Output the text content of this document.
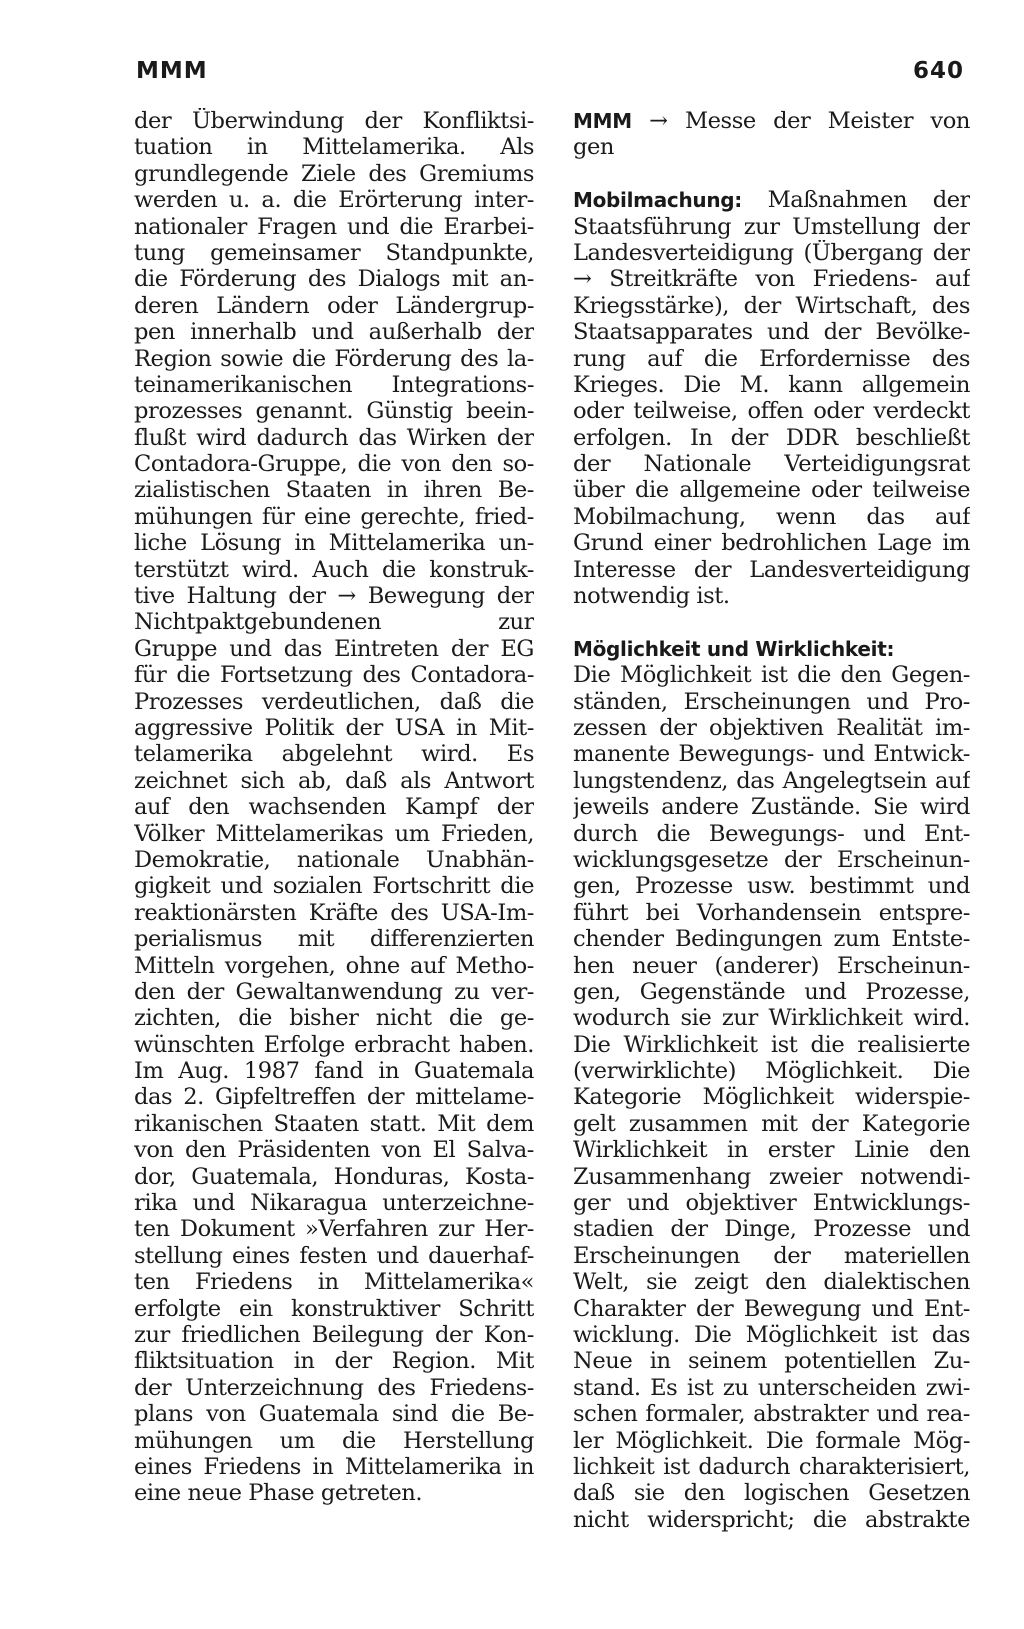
MMM	640
der Überwindung der Konfliktsi-
tuation in Mittelamerika. Als
grundlegende Ziele des Gremiums
werden u. a. die Erörterung inter-
nationaler Fragen und die Erarbei-
tung gemeinsamer Standpunkte,
die Förderung des Dialogs mit an-
deren Ländern oder Ländergrup-
pen innerhalb und außerhalb der
Region sowie die Förderung des la-
teinamerikanischen Integrations-
prozesses genannt. Günstig beein-
flußt wird dadurch das Wirken der
Contadora-Gruppe, die von den so-
zialistischen Staaten in ihren Be-
mühungen für eine gerechte, fried-
liche Lösung in Mittelamerika un-
terstützt wird. Auch die konstruk-
tive Haltung der → Bewegung der
Nichtpaktgebundenen zur
Gruppe und das Eintreten der EG
für die Fortsetzung des Contadora-
Prozesses verdeutlichen, daß die
aggressive Politik der USA in Mit-
telamerika abgelehnt wird. Es
zeichnet sich ab, daß als Antwort
auf den wachsenden Kampf der
Völker Mittelamerikas um Frieden,
Demokratie, nationale Unabhän-
gigkeit und sozialen Fortschritt die
reaktionärsten Kräfte des USA-Im-
perialismus mit differenzierten
Mitteln vorgehen, ohne auf Metho-
den der Gewaltanwendung zu ver-
zichten, die bisher nicht die ge-
wünschten Erfolge erbracht haben.
Im Aug. 1987 fand in Guatemala
das 2. Gipfeltreffen der mittelame-
rikanischen Staaten statt. Mit dem
von den Präsidenten von El Salva-
dor, Guatemala, Honduras, Kosta-
rika und Nikaragua unterzeichne-
ten Dokument »Verfahren zur Her-
stellung eines festen und dauerhaf-
ten Friedens in Mittelamerika«
erfolgte ein konstruktiver Schritt
zur friedlichen Beilegung der Kon-
fliktsituation in der Region. Mit
der Unterzeichnung des Friedens-
plans von Guatemala sind die Be-
mühungen um die Herstellung
eines Friedens in Mittelamerika in
eine neue Phase getreten.
MMM → Messe der Meister von
gen
Mobilmachung: Maßnahmen der
Staatsführung zur Umstellung der
Landesverteidigung (Übergang der
→ Streitkräfte von Friedens- auf
Kriegsstärke), der Wirtschaft, des
Staatsapparates und der Bevölke-
rung auf die Erfordernisse des
Krieges. Die M. kann allgemein
oder teilweise, offen oder verdeckt
erfolgen. In der DDR beschließt
der Nationale Verteidigungsrat
über die allgemeine oder teilweise
Mobilmachung, wenn das auf
Grund einer bedrohlichen Lage im
Interesse der Landesverteidigung
notwendig ist.
Möglichkeit und Wirklichkeit:
Die Möglichkeit ist die den Gegen-
ständen, Erscheinungen und Pro-
zessen der objektiven Realität im-
manente Bewegungs- und Entwick-
lungstendenz, das Angelegtsein auf
jeweils andere Zustände. Sie wird
durch die Bewegungs- und Ent-
wicklungsgesetze der Erscheinun-
gen, Prozesse usw. bestimmt und
führt bei Vorhandensein entspre-
chender Bedingungen zum Entste-
hen neuer (anderer) Erscheinun-
gen, Gegenstände und Prozesse,
wodurch sie zur Wirklichkeit wird.
Die Wirklichkeit ist die realisierte
(verwirklichte) Möglichkeit. Die
Kategorie Möglichkeit widerspie-
gelt zusammen mit der Kategorie
Wirklichkeit in erster Linie den
Zusammenhang zweier notwendi-
ger und objektiver Entwicklungs-
stadien der Dinge, Prozesse und
Erscheinungen der materiellen
Welt, sie zeigt den dialektischen
Charakter der Bewegung und Ent-
wicklung. Die Möglichkeit ist das
Neue in seinem potentiellen Zu-
stand. Es ist zu unterscheiden zwi-
schen formaler, abstrakter und rea-
ler Möglichkeit. Die formale Mög-
lichkeit ist dadurch charakterisiert,
daß sie den logischen Gesetzen
nicht widerspricht; die abstrakte
